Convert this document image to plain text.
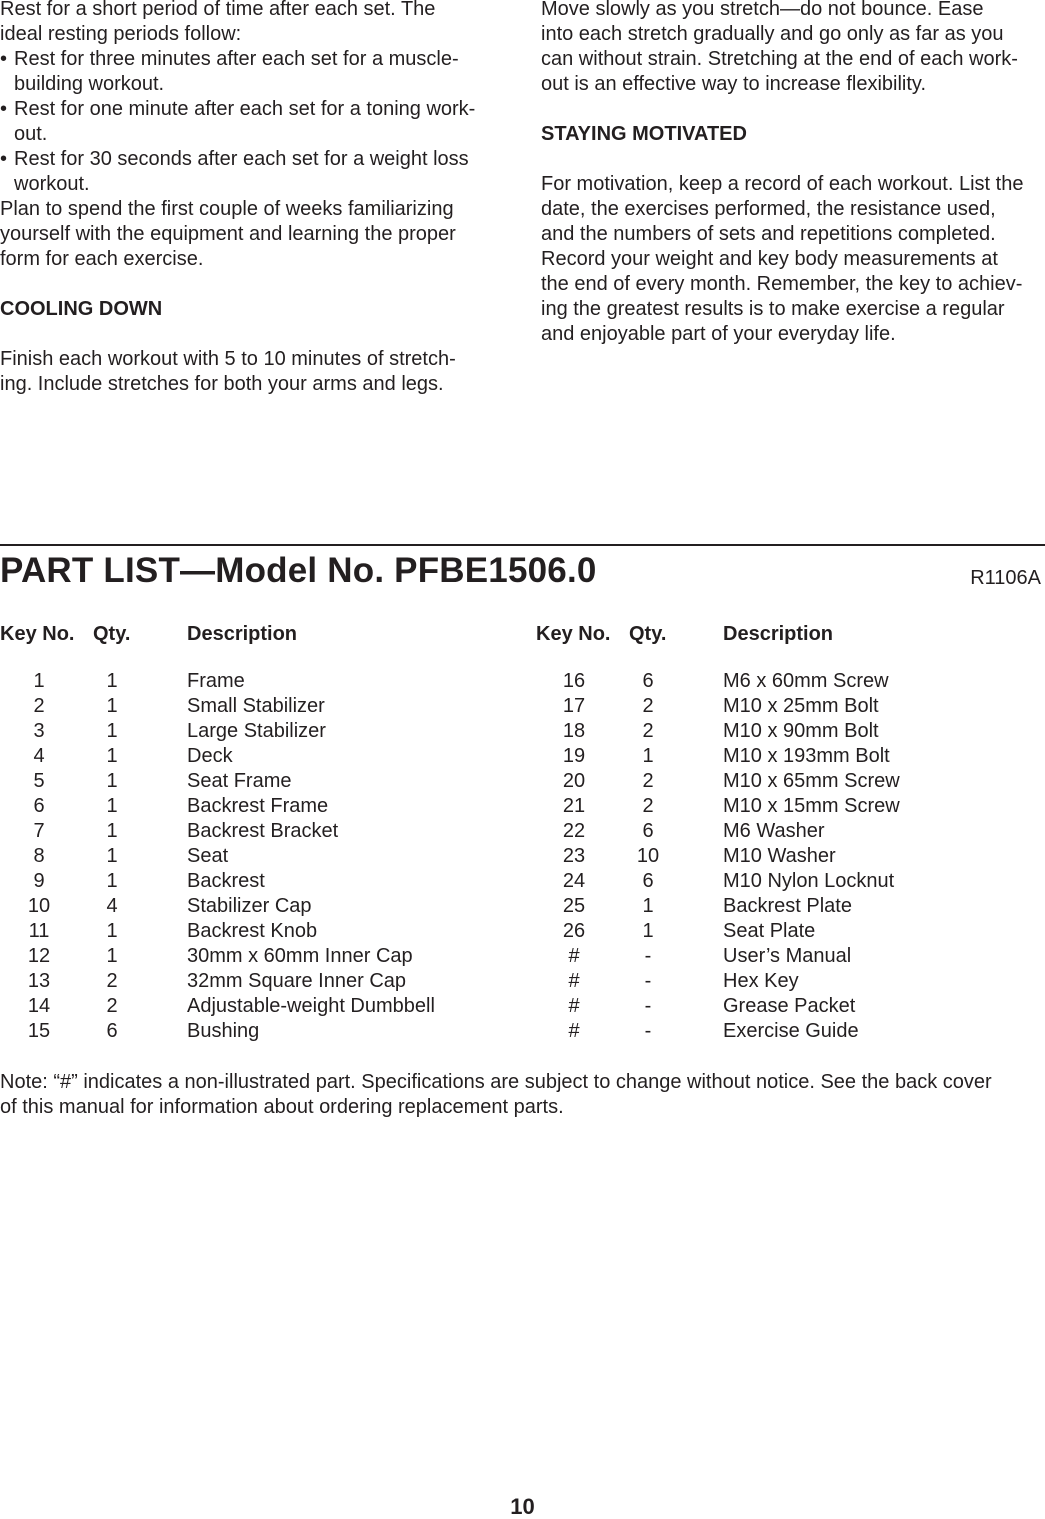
Rest for a short period of time after each set. The

ideal resting periods follow:

• Rest for three minutes after each set for a muscle-
building workout.
• Rest for one minute after each set for a toning work-
out.
• Rest for 30 seconds after each set for a weight loss
workout.

Plan to spend the first couple of weeks familiarizing

yourself with the equipment and learning the proper

form for each exercise.

COOLING DOWN

Finish each workout with 5 to 10 minutes of stretch-

ing. Include stretches for both your arms and legs.

Move slowly as you stretch—do not bounce. Ease

into each stretch gradually and go only as far as you

can without strain. Stretching at the end of each work-

out is an effective way to increase flexibility.

STAYING MOTIVATED

For motivation, keep a record of each workout. List the

date, the exercises performed, the resistance used,

and the numbers of sets and repetitions completed.

Record your weight and key body measurements at

the end of every month. Remember, the key to achiev-

ing the greatest results is to make exercise a regular

and enjoyable part of your everyday life.

PART LIST—Model No. PFBE1506.0	R1106A
Key No. Qty.	Description
1	1	Frame
2	1	Small Stabilizer
3	1	Large Stabilizer
4	1	Deck
5	1	Seat Frame
6	1	Backrest Frame
7	1	Backrest Bracket
8	1	Seat
9	1	Backrest
10	4	Stabilizer Cap
11	1	Backrest Knob
12	1	30mm x 60mm Inner Cap
13	2	32mm Square Inner Cap
14	2	Adjustable-weight Dumbbell
15	6	Bushing
Key No. Qty.	Description
16	6	M6 x 60mm Screw
17	2	M10 x 25mm Bolt
18	2	M10 x 90mm Bolt
19	1	M10 x 193mm Bolt
20	2	M10 x 65mm Screw
21	2	M10 x 15mm Screw
22	6	M6 Washer
23	10	M10 Washer
24	6	M10 Nylon Locknut
25	1	Backrest Plate
26	1	Seat Plate
#	-	User’s Manual
#	-	Hex Key
#	-	Grease Packet
#	-	Exercise Guide
Note: “#” indicates a non-illustrated part. Specifications are subject to change without notice. See the back cover
of this manual for information about ordering replacement parts.
10
